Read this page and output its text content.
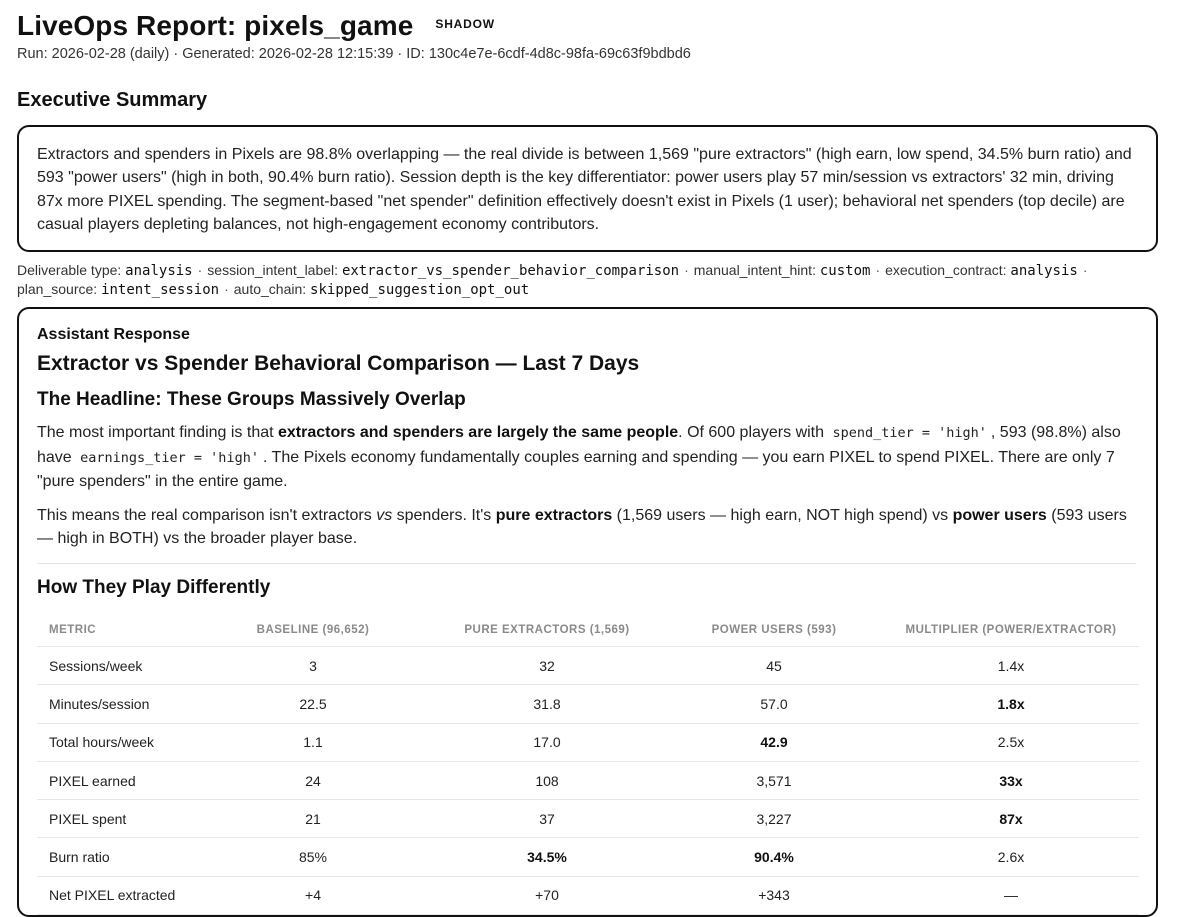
LiveOps Report: pixels_game SHADOW
Run: 2026-02-28 (daily) · Generated: 2026-02-28 12:15:39 · ID: 130c4e7e-6cdf-4d8c-98fa-69c63f9bdbd6
Executive Summary

Extractors and spenders in Pixels are 98.8% overlapping — the real divide is between 1,569 "pure extractors" (high earn, low spend, 34.5% burn ratio) and 593 "power users" (high in both, 90.4% burn ratio). Session depth is the key differentiator: power users play 57 min/session vs extractors' 32 min, driving 87x more PIXEL spending. The segment-based "net spender" definition effectively doesn't exist in Pixels (1 user); behavioral net spenders (top decile) are casual players depleting balances, not high-engagement economy contributors.

Deliverable type: analysis · session_intent_label: extractor_vs_spender_behavior_comparison · manual_intent_hint: custom · execution_contract: analysis ·
plan_source: intent_session · auto_chain: skipped_suggestion_opt_out
Assistant Response
Extractor vs Spender Behavioral Comparison — Last 7 Days
The Headline: These Groups Massively Overlap

The most important finding is that extractors and spenders are largely the same people. Of 600 players with spend_tier = 'high' , 593 (98.8%) also have earnings_tier = 'high' . The Pixels economy fundamentally couples earning and spending — you earn PIXEL to spend PIXEL. There are only 7 "pure spenders" in the entire game.

This means the real comparison isn't extractors vs spenders. It's pure extractors (1,569 users — high earn, NOT high spend) vs power users (593 users — high in BOTH) vs the broader player base.

How They Play Differently
METRIC	BASELINE (96,652)	PURE EXTRACTORS (1,569)	POWER USERS (593)	MULTIPLIER (POWER/EXTRACTOR)
Sessions/week	3	32	45	1.4x
Minutes/session	22.5	31.8	57.0	1.8x
Total hours/week	1.1	17.0	42.9	2.5x
PIXEL earned	24	108	3,571	33x
PIXEL spent	21	37	3,227	87x
Burn ratio	85%	34.5%	90.4%	2.6x
Net PIXEL extracted	+4	+70	+343	—
